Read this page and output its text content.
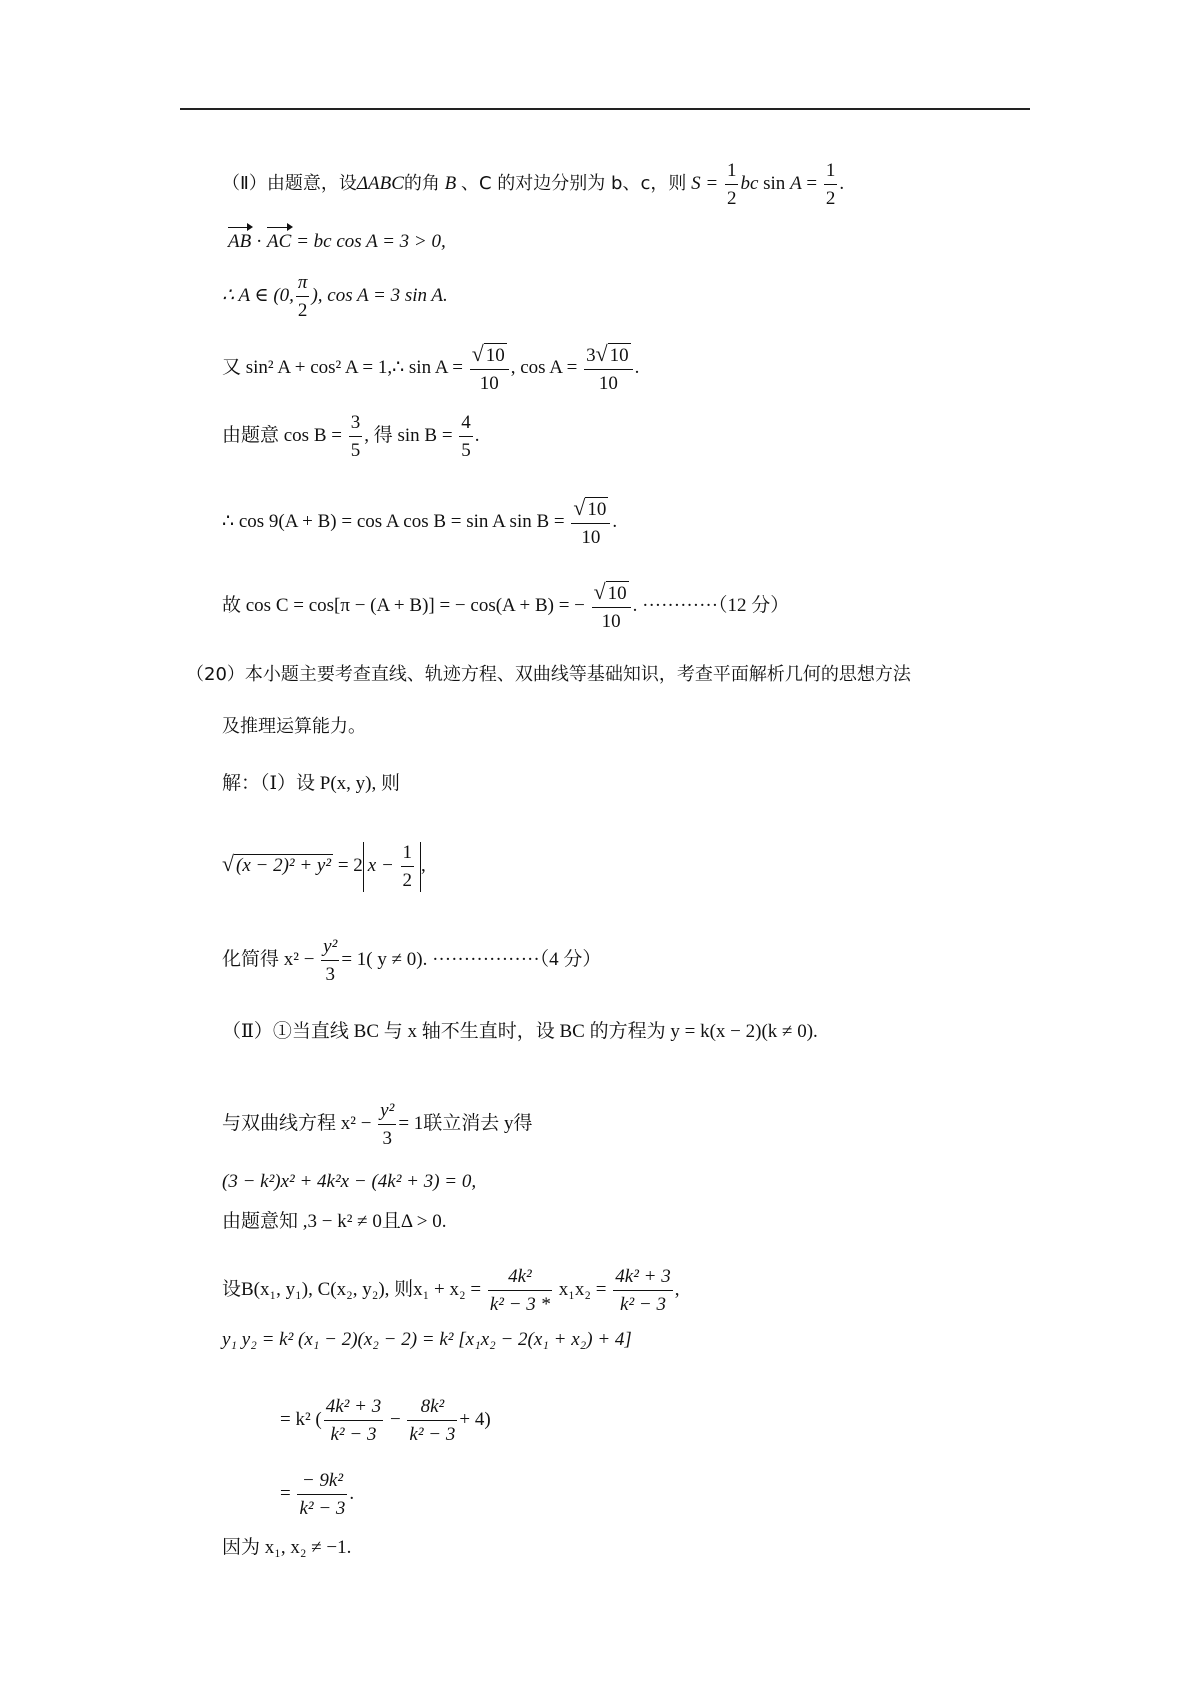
（Ⅱ）由题意，设ΔABC的角 B 、C 的对边分别为 b、c，则 $S = \frac{1}{2}$ bc $\sin A = \frac{1}{2}$ .
AB · AC = bc cos A = 3 > 0,
∴ A ∈ (0, $\frac{\pi}{2}$ ), cos A = 3 sin A.
又 sin² A + cos² A = 1,∴ $\sin A = \frac{√ 10}{10}$ , $\cos A = \frac{3√ 10}{10}$ .
由题意 $\cos B = \frac{3}{5}$ , 得 $\sin B = \frac{4}{5}$ .
∴ cos 9(A + B) = cos A cos B = sin A $\sin B = \frac{√ 10}{10}$ .
故 cos C = cos[π − (A + B)] = − cos(A + B) = − $\frac{√ 10}{10}$ . ············（12 分）
（20）本小题主要考查直线、轨迹方程、双曲线等基础知识，考查平面解析几何的思想方法
及推理运算能力。
解：（Ⅰ）设 P(x, y), 则
√ (x − 2)² + y² = 2 $x - \frac{1}{2}$ ,
化简得 $x^2 - \frac{\text{y²}}{3} = 1$( y ≠ 0). ·················（4 分）
（Ⅱ）①当直线 BC 与 x 轴不生直时，设 BC 的方程为 y = k(x − 2)(k ≠ 0).
与双曲线方程 $x^2 - \frac{\text{y²}}{3} = 1$联立消去 y得
(3 − k²)x² + 4k²x − (4k² + 3) = 0,
由题意知 ,3 − k² ≠ 0且Δ > 0.
设B(x₁, y₁), C(x₂, y₂), 则$x_1 + x_2 = \frac{\text{4k²}}{\text{k² − 3 *}} x_1x_2 = \frac{\text{4k² + 3}}{\text{k² − 3}}$ ,
y₁ y₂ = k² (x₁ − 2)(x₂ − 2) = k² [x₁x₂ − 2(x₁ + x₂) + 4]
= k² ( $\frac{\text{4k² + 3}}{\text{k² − 3}} - \frac{\text{8k²}}{\text{k² − 3}} + 4$)
= $\frac{\text{− 9k²}}{\text{k² − 3}}$ .
因为 x₁, x₂ ≠ −1.
